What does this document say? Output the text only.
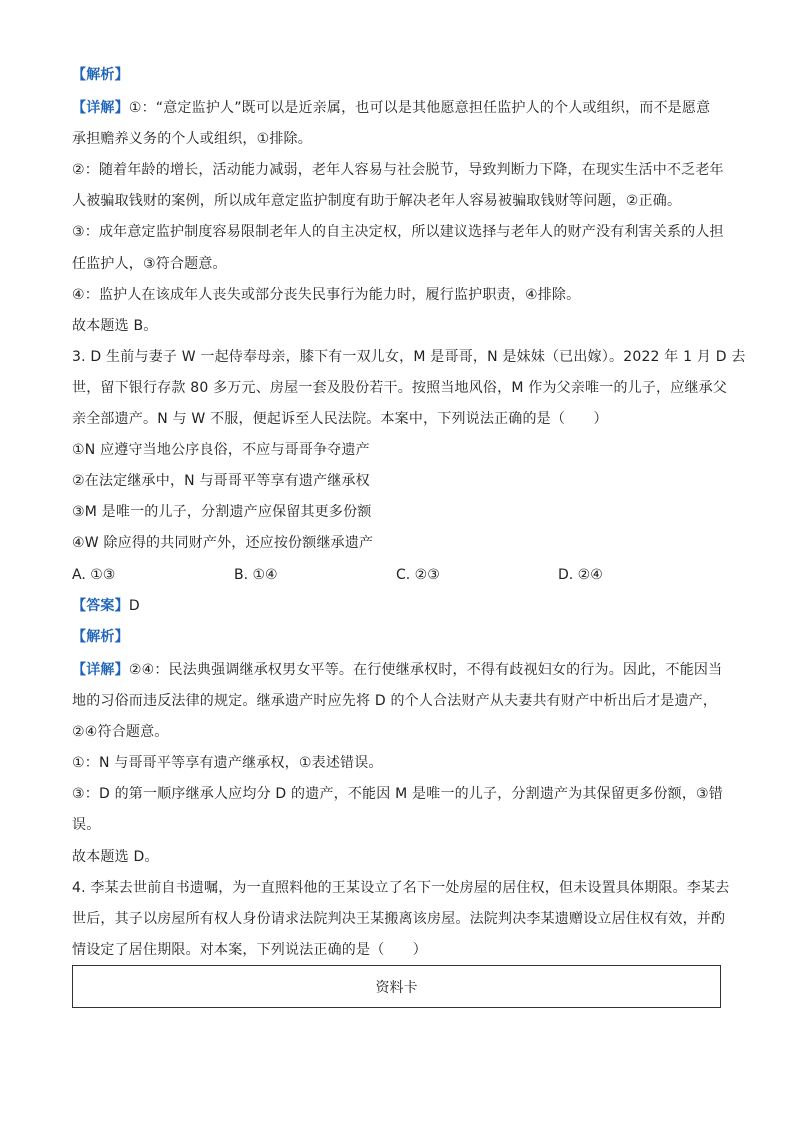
【解析】
【详解】①：“意定监护人”既可以是近亲属，也可以是其他愿意担任监护人的个人或组织，而不是愿意
承担赡养义务的个人或组织，①排除。
②：随着年龄的增长，活动能力减弱，老年人容易与社会脱节，导致判断力下降，在现实生活中不乏老年
人被骗取钱财的案例，所以成年意定监护制度有助于解决老年人容易被骗取钱财等问题，②正确。
③：成年意定监护制度容易限制老年人的自主决定权，所以建议选择与老年人的财产没有利害关系的人担
任监护人，③符合题意。
④：监护人在该成年人丧失或部分丧失民事行为能力时，履行监护职责，④排除。
故本题选 B。
3. D 生前与妻子 W 一起侍奉母亲，膝下有一双儿女，M 是哥哥，N 是妹妹（已出嫁）。2022 年 1 月 D 去
世，留下银行存款 80 多万元、房屋一套及股份若干。按照当地风俗，M 作为父亲唯一的儿子，应继承父
亲全部遗产。N 与 W 不服，便起诉至人民法院。本案中，下列说法正确的是（　　）
①N 应遵守当地公序良俗，不应与哥哥争夺遗产
②在法定继承中，N 与哥哥平等享有遗产继承权
③M 是唯一的儿子，分割遗产应保留其更多份额
④W 除应得的共同财产外，还应按份额继承遗产
A. ①③	B. ①④	C. ②③	D. ②④
【答案】D
【解析】
【详解】②④：民法典强调继承权男女平等。在行使继承权时，不得有歧视妇女的行为。因此，不能因当
地的习俗而违反法律的规定。继承遗产时应先将 D 的个人合法财产从夫妻共有财产中析出后才是遗产，
②④符合题意。
①：N 与哥哥平等享有遗产继承权，①表述错误。
③：D 的第一顺序继承人应均分 D 的遗产，不能因 M 是唯一的儿子，分割遗产为其保留更多份额，③错
误。
故本题选 D。
4. 李某去世前自书遗嘱，为一直照料他的王某设立了名下一处房屋的居住权，但未设置具体期限。李某去
世后，其子以房屋所有权人身份请求法院判决王某搬离该房屋。法院判决李某遗赠设立居住权有效，并酌
情设定了居住期限。对本案，下列说法正确的是（　　）
资料卡
